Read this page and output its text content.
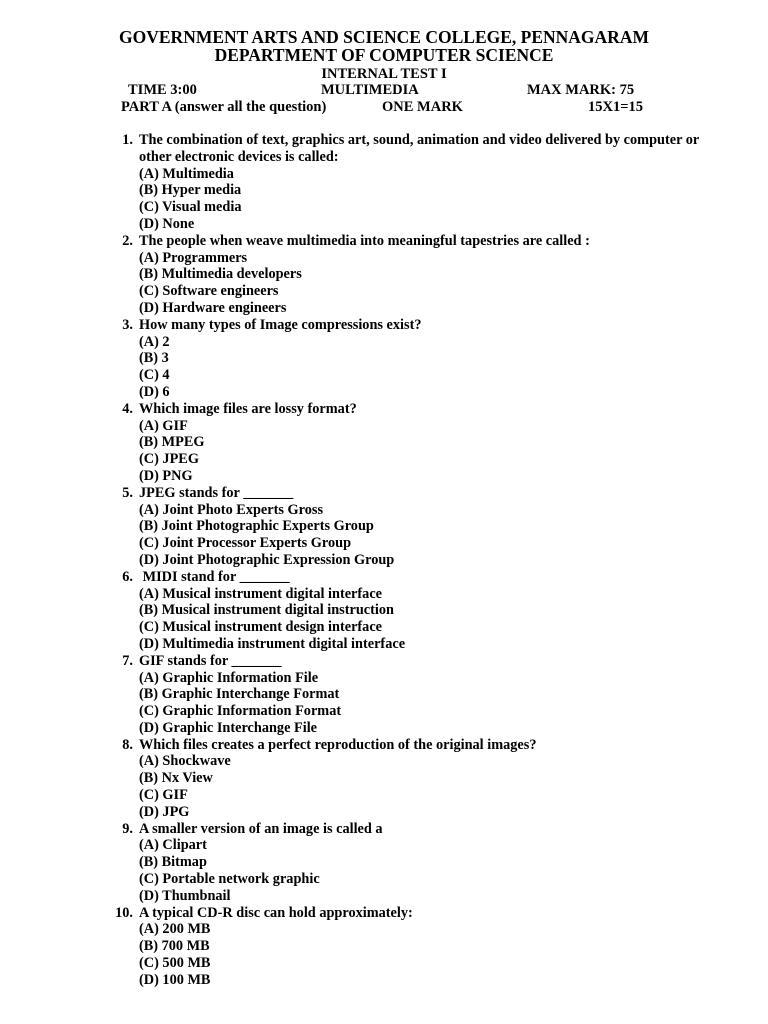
GOVERNMENT ARTS AND SCIENCE COLLEGE, PENNAGARAM
DEPARTMENT OF COMPUTER SCIENCE
INTERNAL TEST I
TIME 3:00	MULTIMEDIA	MAX MARK: 75
PART A (answer all the question)	ONE MARK	15X1=15
1. The combination of text, graphics art, sound, animation and video delivered by computer or other electronic devices is called:
(A) Multimedia
(B) Hyper media
(C) Visual media
(D) None
2. The people when weave multimedia into meaningful tapestries are called :
(A) Programmers
(B) Multimedia developers
(C) Software engineers
(D) Hardware engineers
3. How many types of Image compressions exist?
(A) 2
(B) 3
(C) 4
(D) 6
4. Which image files are lossy format?
(A) GIF
(B) MPEG
(C) JPEG
(D) PNG
5. JPEG stands for _______
(A) Joint Photo Experts Gross
(B) Joint Photographic Experts Group
(C) Joint Processor Experts Group
(D) Joint Photographic Expression Group
6. MIDI stand for _______
(A) Musical instrument digital interface
(B) Musical instrument digital instruction
(C) Musical instrument design interface
(D) Multimedia instrument digital interface
7. GIF stands for _______
(A) Graphic Information File
(B) Graphic Interchange Format
(C) Graphic Information Format
(D) Graphic Interchange File
8. Which files creates a perfect reproduction of the original images?
(A) Shockwave
(B) Nx View
(C) GIF
(D) JPG
9. A smaller version of an image is called a
(A) Clipart
(B) Bitmap
(C) Portable network graphic
(D) Thumbnail
10. A typical CD-R disc can hold approximately:
(A) 200 MB
(B) 700 MB
(C) 500 MB
(D) 100 MB
